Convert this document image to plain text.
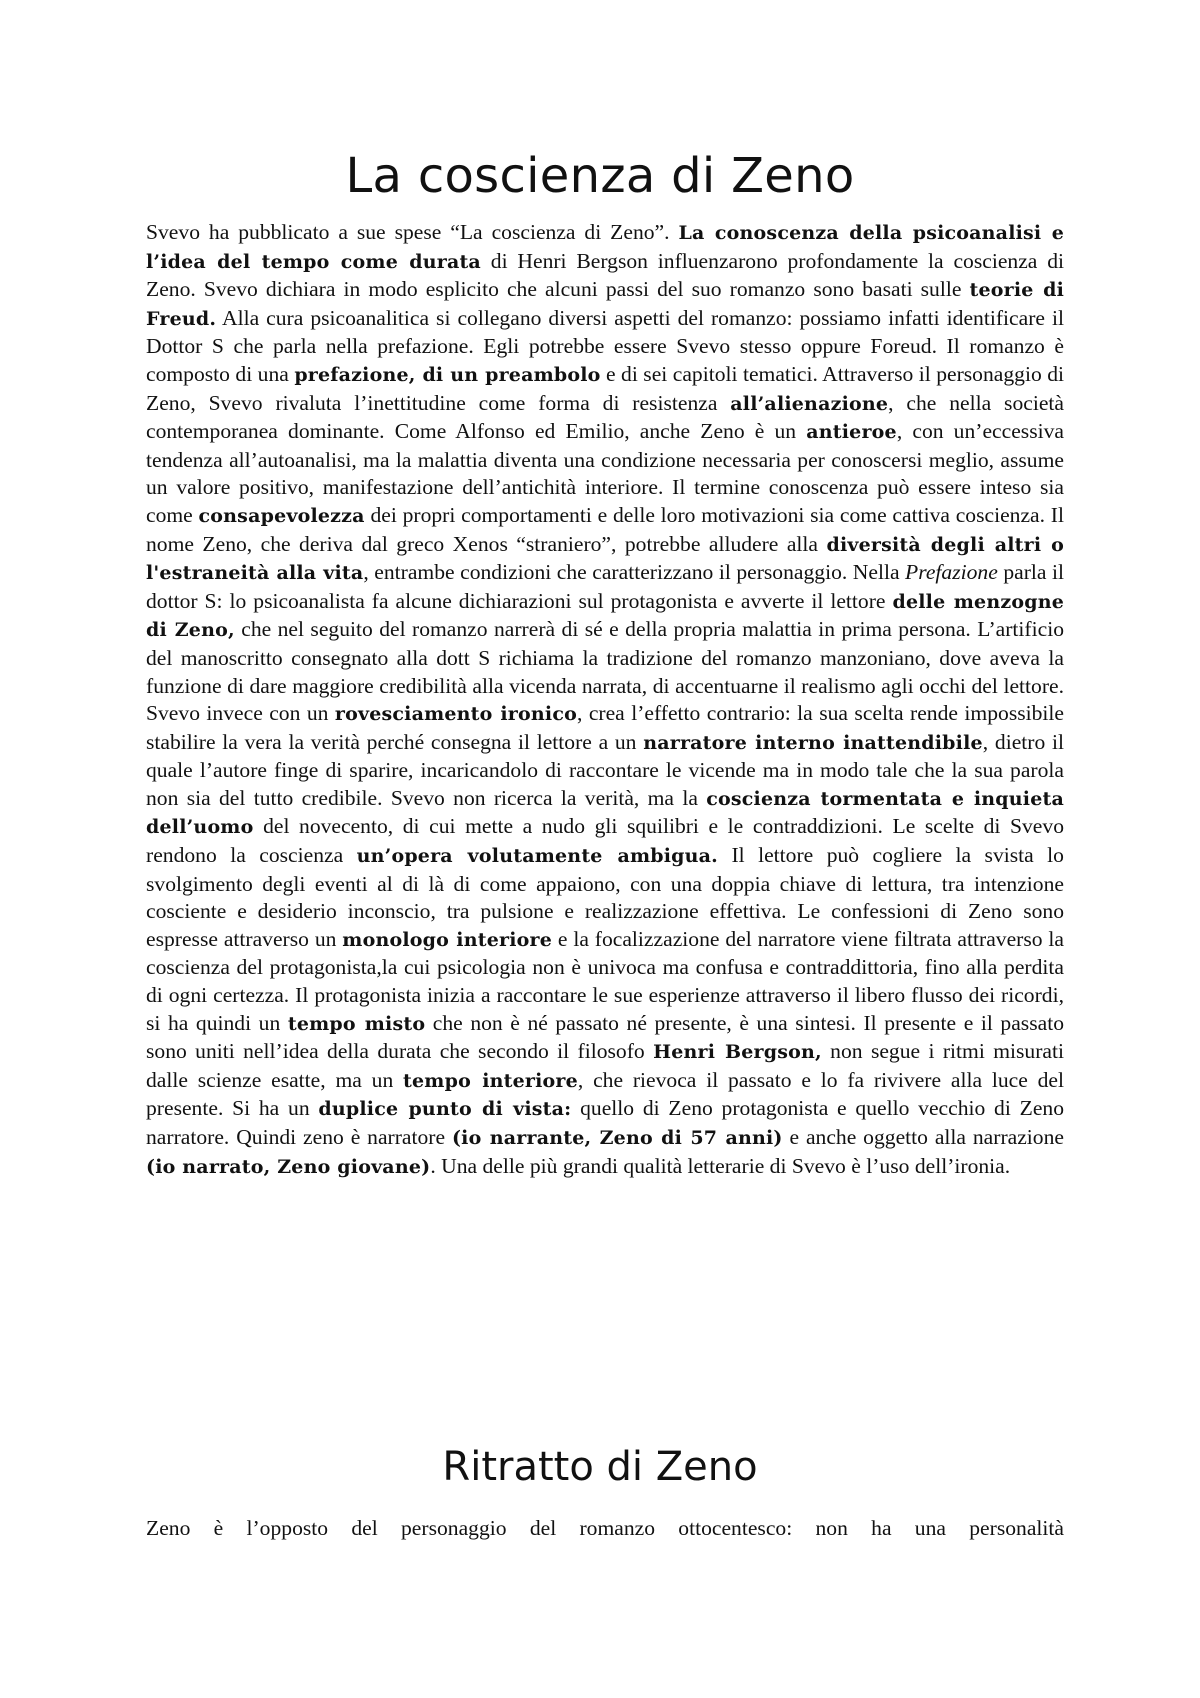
La coscienza di Zeno

Svevo ha pubblicato a sue spese “La coscienza di Zeno”. La conoscenza della psicoanalisi e l’idea del tempo come durata di Henri Bergson influenzarono profondamente la coscienza di Zeno. Svevo dichiara in modo esplicito che alcuni passi del suo romanzo sono basati sulle teorie di Freud. Alla cura psicoanalitica si collegano diversi aspetti del romanzo: possiamo infatti identificare il Dottor S che parla nella prefazione. Egli potrebbe essere Svevo stesso oppure Foreud. Il romanzo è composto di una prefazione, di un preambolo e di sei capitoli tematici. Attraverso il personaggio di Zeno, Svevo rivaluta l’inettitudine come forma di resistenza all’alienazione, che nella società contemporanea dominante. Come Alfonso ed Emilio, anche Zeno è un antieroe, con un’eccessiva tendenza all’autoanalisi, ma la malattia diventa una condizione necessaria per conoscersi meglio, assume un valore positivo, manifestazione dell’antichità interiore. Il termine conoscenza può essere inteso sia come consapevolezza dei propri comportamenti e delle loro motivazioni sia come cattiva coscienza. Il nome Zeno, che deriva dal greco Xenos “straniero”, potrebbe alludere alla diversità degli altri o l'estraneità alla vita, entrambe condizioni che caratterizzano il personaggio. Nella Prefazione parla il dottor S: lo psicoanalista fa alcune dichiarazioni sul protagonista e avverte il lettore delle menzogne di Zeno, che nel seguito del romanzo narrerà di sé e della propria malattia in prima persona. L’artificio del manoscritto consegnato alla dott S richiama la tradizione del romanzo manzoniano, dove aveva la funzione di dare maggiore credibilità alla vicenda narrata, di accentuarne il realismo agli occhi del lettore. Svevo invece con un rovesciamento ironico, crea l’effetto contrario: la sua scelta rende impossibile stabilire la vera la verità perché consegna il lettore a un narratore interno inattendibile, dietro il quale l’autore finge di sparire, incaricandolo di raccontare le vicende ma in modo tale che la sua parola non sia del tutto credibile. Svevo non ricerca la verità, ma la coscienza tormentata e inquieta dell’uomo del novecento, di cui mette a nudo gli squilibri e le contraddizioni. Le scelte di Svevo rendono la coscienza un’opera volutamente ambigua. Il lettore può cogliere la svista lo svolgimento degli eventi al di là di come appaiono, con una doppia chiave di lettura, tra intenzione cosciente e desiderio inconscio, tra pulsione e realizzazione effettiva. Le confessioni di Zeno sono espresse attraverso un monologo interiore e la focalizzazione del narratore viene filtrata attraverso la coscienza del protagonista,la cui psicologia non è univoca ma confusa e contraddittoria, fino alla perdita di ogni certezza. Il protagonista inizia a raccontare le sue esperienze attraverso il libero flusso dei ricordi, si ha quindi un tempo misto che non è né passato né presente, è una sintesi. Il presente e il passato sono uniti nell’idea della durata che secondo il filosofo Henri Bergson, non segue i ritmi misurati dalle scienze esatte, ma un tempo interiore, che rievoca il passato e lo fa rivivere alla luce del presente. Si ha un duplice punto di vista: quello di Zeno protagonista e quello vecchio di Zeno narratore. Quindi zeno è narratore (io narrante, Zeno di 57 anni) e anche oggetto alla narrazione (io narrato, Zeno giovane). Una delle più grandi qualità letterarie di Svevo è l’uso dell’ironia.

Ritratto di Zeno

Zeno è l’opposto del personaggio del romanzo ottocentesco: non ha una personalità
